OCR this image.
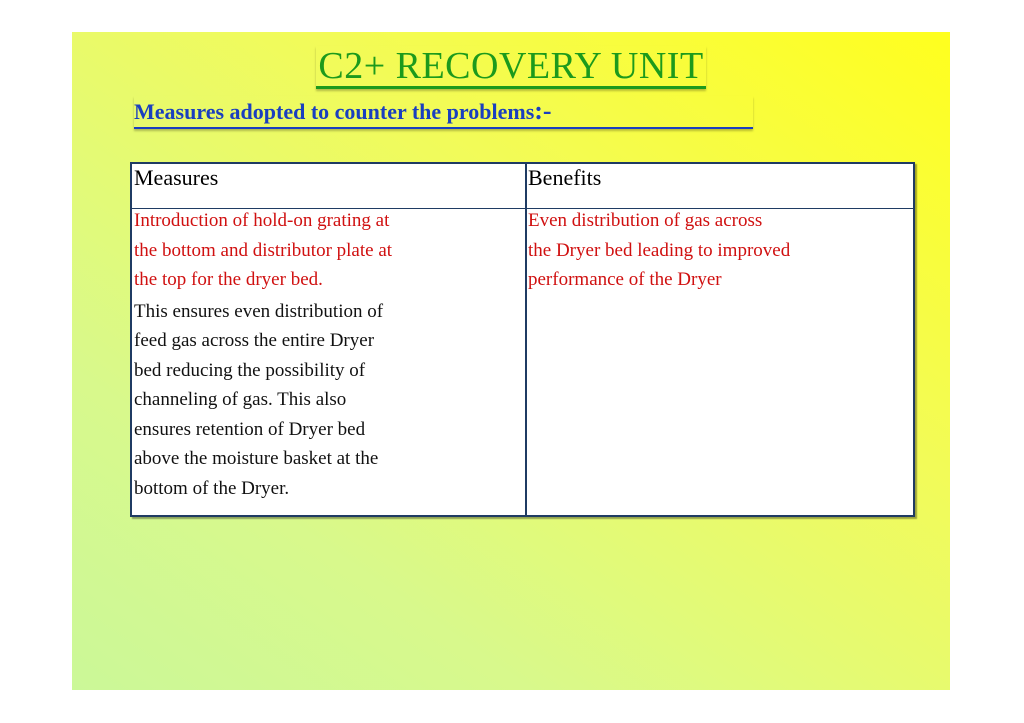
C2+ RECOVERY UNIT
Measures adopted to counter the problems:-
Measures	Benefits
Introduction of hold-on grating at
the bottom and distributor plate at
the top for the dryer bed.
This ensures even distribution of
feed gas across the entire Dryer
bed reducing the possibility of
channeling of gas. This also
ensures retention of Dryer bed
above the moisture basket at the
bottom of the Dryer.
Even distribution of gas across
the Dryer bed leading to improved
performance of the Dryer
